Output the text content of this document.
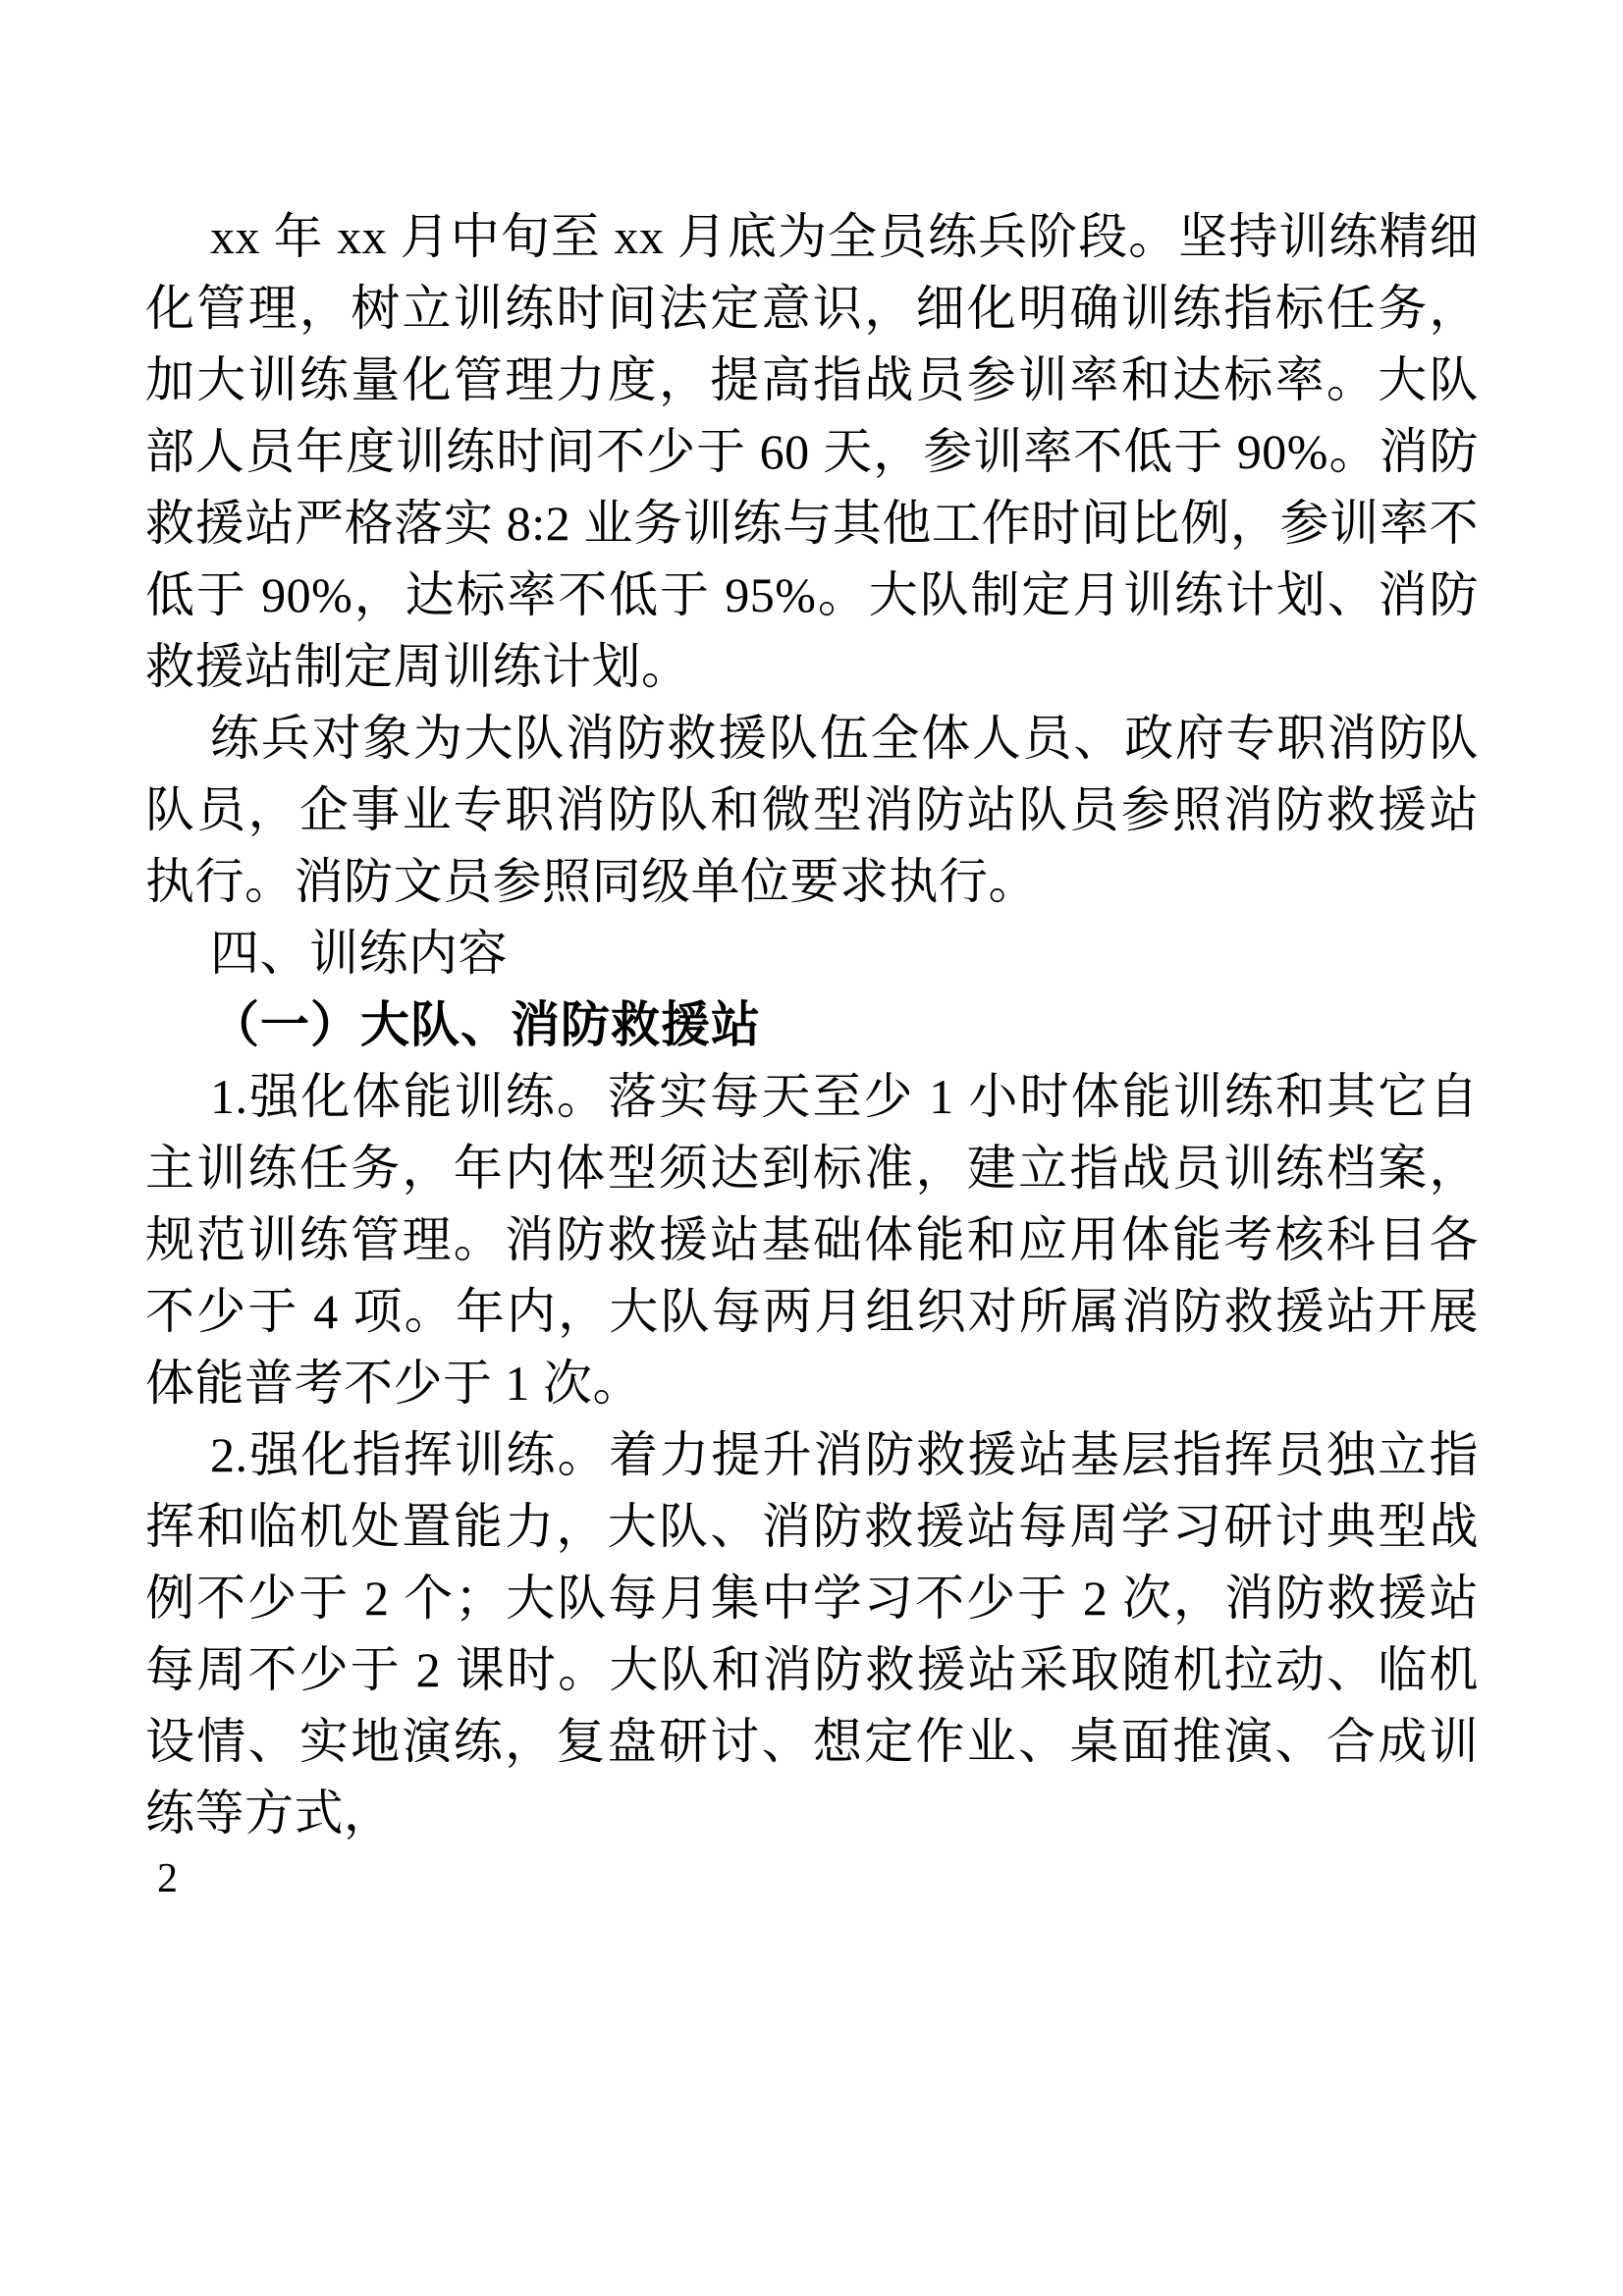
xx 年 xx 月中旬至 xx 月底为全员练兵阶段。坚持训练精细化管理，树立训练时间法定意识，细化明确训练指标任务，加大训练量化管理力度，提高指战员参训率和达标率。大队部人员年度训练时间不少于 60 天，参训率不低于 90%。消防救援站严格落实 8:2 业务训练与其他工作时间比例，参训率不低于 90%，达标率不低于 95%。大队制定月训练计划、消防救援站制定周训练计划。

练兵对象为大队消防救援队伍全体人员、政府专职消防队队员，企事业专职消防队和微型消防站队员参照消防救援站执行。消防文员参照同级单位要求执行。

四、训练内容

（一）大队、消防救援站

1.强化体能训练。落实每天至少 1 小时体能训练和其它自主训练任务，年内体型须达到标准，建立指战员训练档案，规范训练管理。消防救援站基础体能和应用体能考核科目各不少于 4 项。年内，大队每两月组织对所属消防救援站开展体能普考不少于 1 次。

2.强化指挥训练。着力提升消防救援站基层指挥员独立指挥和临机处置能力，大队、消防救援站每周学习研讨典型战例不少于 2 个；大队每月集中学习不少于 2 次，消防救援站每周不少于 2 课时。大队和消防救援站采取随机拉动、临机设情、实地演练，复盘研讨、想定作业、桌面推演、合成训练等方式，

2
